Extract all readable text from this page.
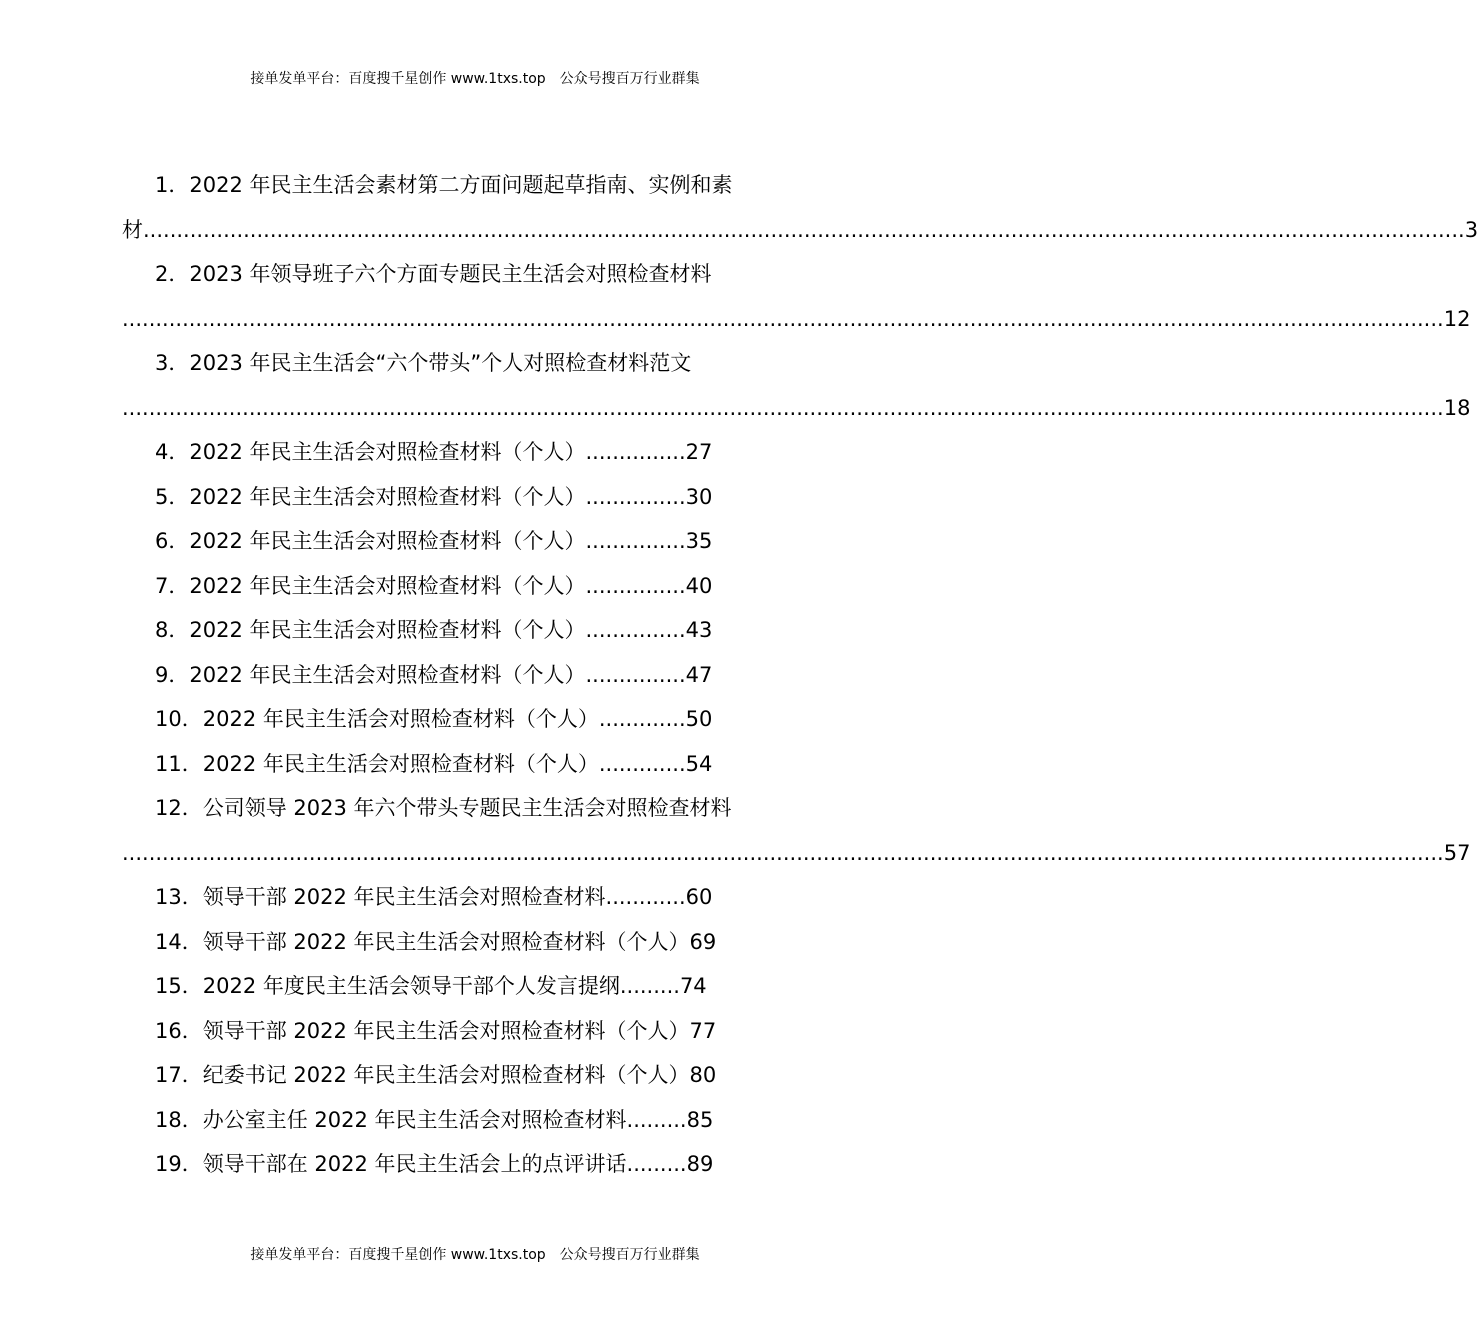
接单发单平台：百度搜千星创作 www.1txs.top　公众号搜百万行业群集
1．2022 年民主生活会素材第二方面问题起草指南、实例和素
材 ...................................................................................................................................................................................................... 3
2．2023 年领导班子六个方面专题民主生活会对照检查材料
...................................................................................................................................................................................................... 12
3．2023 年民主生活会“六个带头”个人对照检查材料范文
...................................................................................................................................................................................................... 18
4．2022 年民主生活会对照检查材料（个人）...............27
5．2022 年民主生活会对照检查材料（个人）...............30
6．2022 年民主生活会对照检查材料（个人）...............35
7．2022 年民主生活会对照检查材料（个人）...............40
8．2022 年民主生活会对照检查材料（个人）...............43
9．2022 年民主生活会对照检查材料（个人）...............47
10．2022 年民主生活会对照检查材料（个人）.............50
11．2022 年民主生活会对照检查材料（个人）.............54
12．公司领导 2023 年六个带头专题民主生活会对照检查材料
...................................................................................................................................................................................................... 57
13．领导干部 2022 年民主生活会对照检查材料............60
14．领导干部 2022 年民主生活会对照检查材料（个人）69
15．2022 年度民主生活会领导干部个人发言提纲.........74
16．领导干部 2022 年民主生活会对照检查材料（个人）77
17．纪委书记 2022 年民主生活会对照检查材料（个人）80
18．办公室主任 2022 年民主生活会对照检查材料.........85
19．领导干部在 2022 年民主生活会上的点评讲话.........89
接单发单平台：百度搜千星创作 www.1txs.top　公众号搜百万行业群集
